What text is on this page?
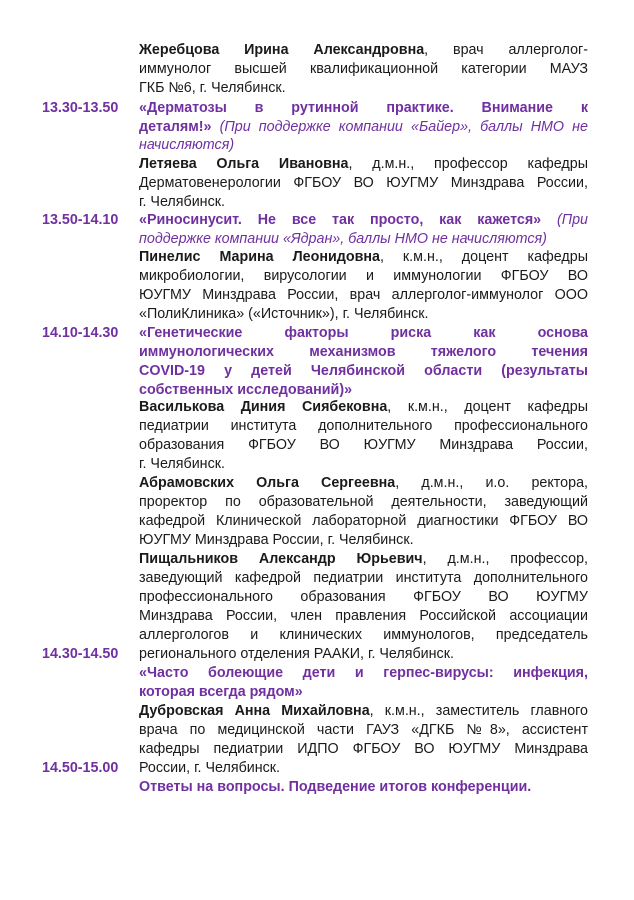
Жеребцова Ирина Александровна, врач аллерголог-
иммунолог высшей квалификационной категории МАУЗ
ГКБ №6, г. Челябинск.
«Дерматозы в рутинной практике. Внимание к
деталям!» (При поддержке компании «Байер», баллы НМО не
начисляются)
Летяева Ольга Ивановна, д.м.н., профессор кафедры
Дерматовенерологии ФГБОУ ВО ЮУГМУ Минздрава России,
г. Челябинск.
«Риносинусит. Не все так просто, как кажется» (При
поддержке компании «Ядран», баллы НМО не начисляются)
Пинелис Марина Леонидовна, к.м.н., доцент кафедры
микробиологии, вирусологии и иммунологии ФГБОУ ВО
ЮУГМУ Минздрава России, врач аллерголог-иммунолог ООО
«ПолиКлиника» («Источник»), г. Челябинск.
«Генетические факторы риска как основа
иммунологических механизмов тяжелого течения
COVID-19 у детей Челябинской области (результаты
собственных исследований)»
Василькова Диния Сиябековна, к.м.н., доцент кафедры
педиатрии института дополнительного профессионального
образования ФГБОУ ВО ЮУГМУ Минздрава России,
г. Челябинск.
Абрамовских Ольга Сергеевна, д.м.н., и.о. ректора,
проректор по образовательной деятельности, заведующий
кафедрой Клинической лабораторной диагностики ФГБОУ ВО
ЮУГМУ Минздрава России, г. Челябинск.
Пищальников Александр Юрьевич, д.м.н., профессор,
заведующий кафедрой педиатрии института дополнительного
профессионального образования ФГБОУ ВО ЮУГМУ
Минздрава России, член правления Российской ассоциации
аллергологов и клинических иммунологов, председатель
регионального отделения РААКИ, г. Челябинск.
«Часто болеющие дети и герпес-вирусы: инфекция,
которая всегда рядом»
Дубровская Анна Михайловна, к.м.н., заместитель главного
врача по медицинской части ГАУЗ «ДГКБ №8», ассистент
кафедры педиатрии ИДПО ФГБОУ ВО ЮУГМУ Минздрава
России, г. Челябинск.
Ответы на вопросы. Подведение итогов конференции.
13.30-13.50
13.50-14.10
14.10-14.30
14.30-14.50
14.50-15.00
